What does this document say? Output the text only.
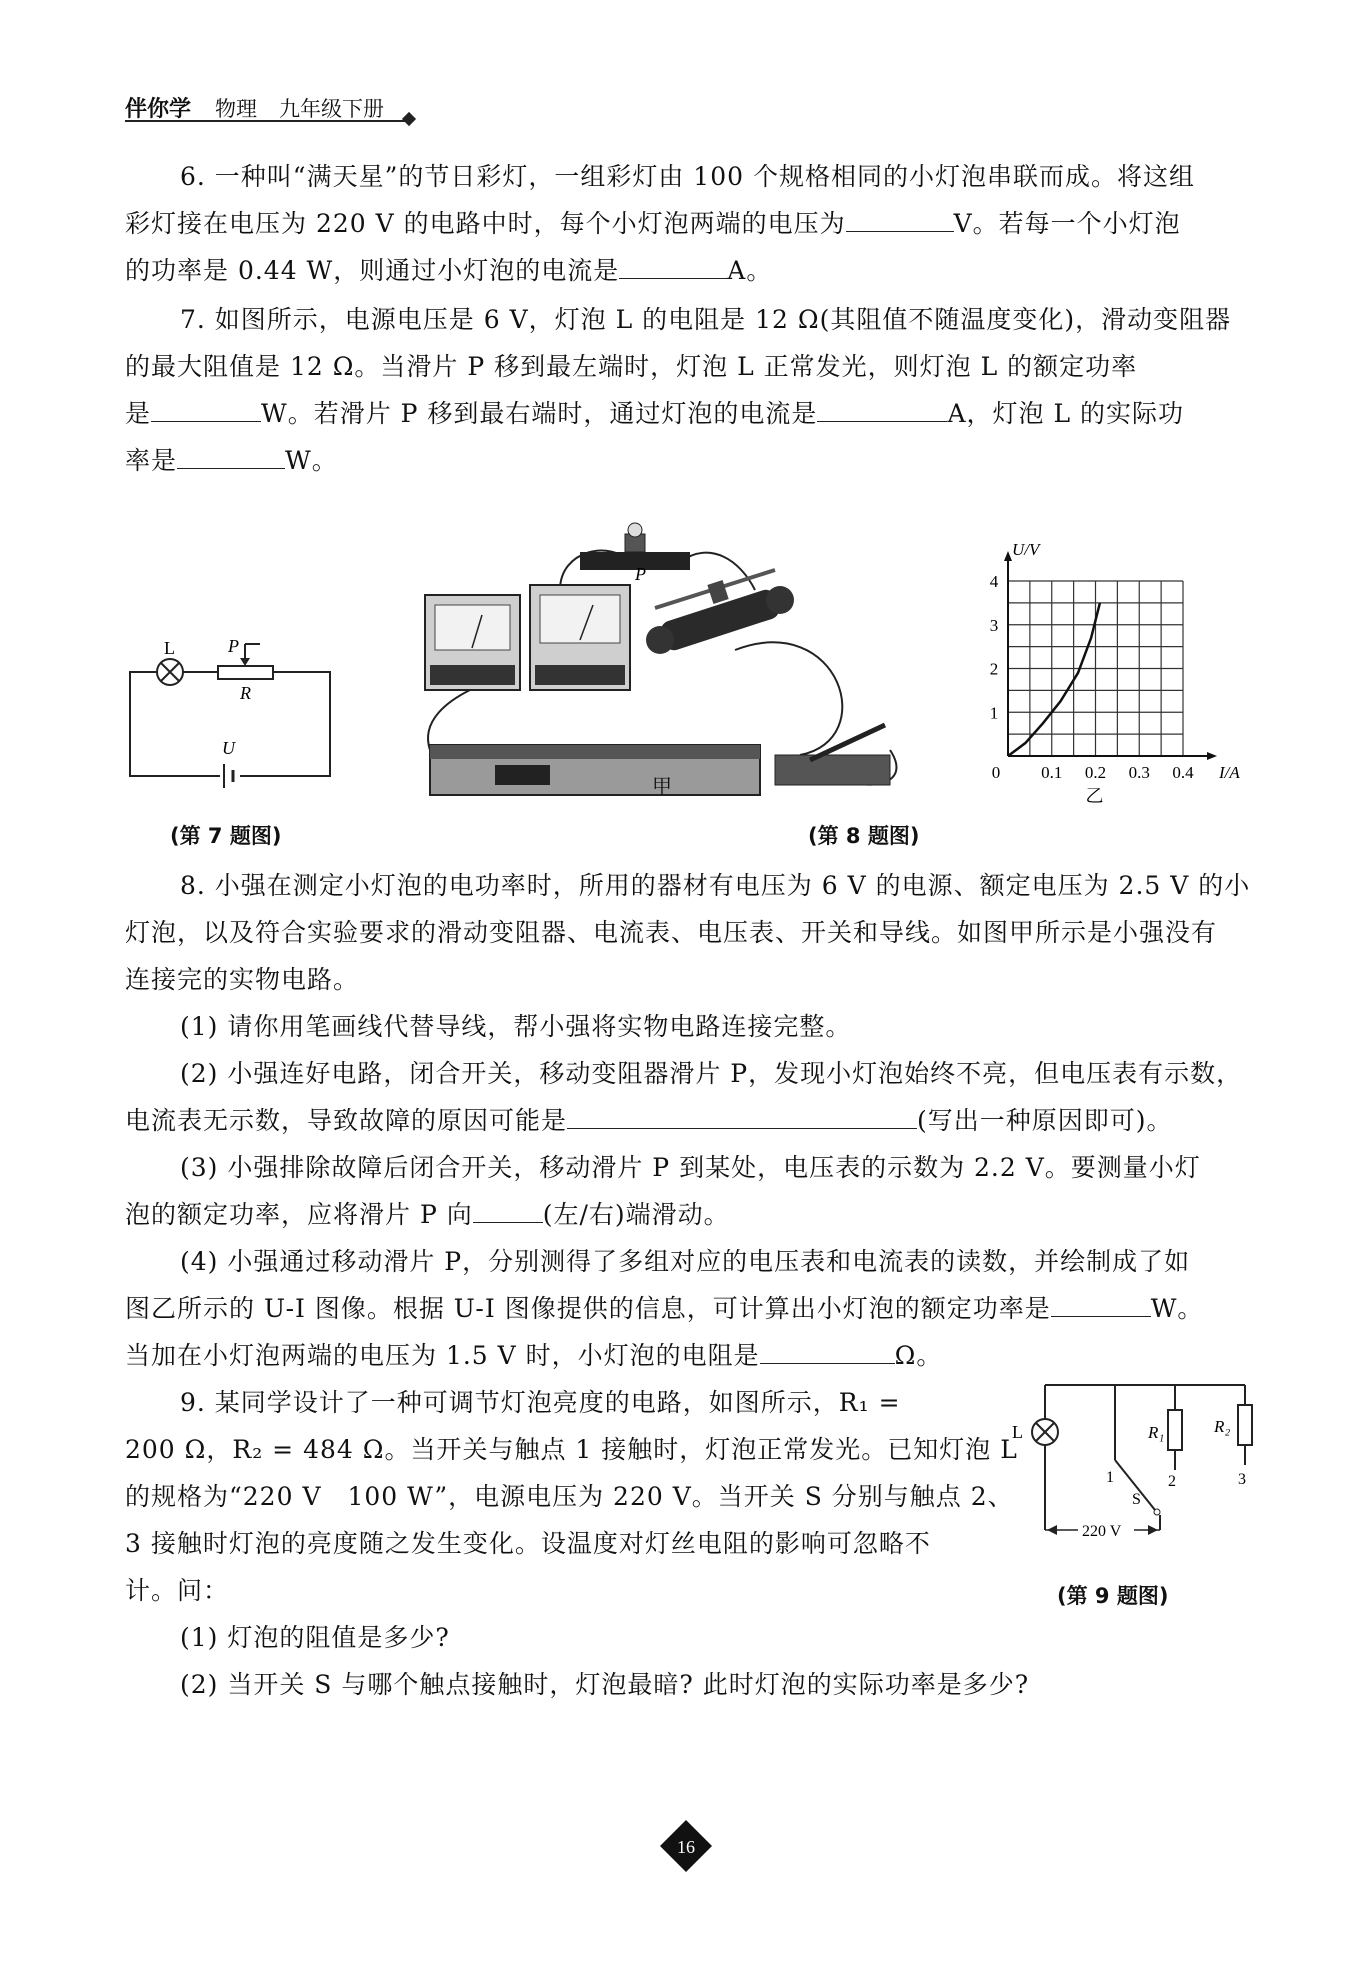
伴你学 物理 九年级下册
6. 一种叫“满天星”的节日彩灯，一组彩灯由 100 个规格相同的小灯泡串联而成。将这组
彩灯接在电压为 220 V 的电路中时，每个小灯泡两端的电压为	V。若每一个小灯泡
的功率是 0.44 W，则通过小灯泡的电流是	A。
7. 如图所示，电源电压是 6 V，灯泡 L 的电阻是 12 Ω(其阻值不随温度变化)，滑动变阻器
的最大阻值是 12 Ω。当滑片 P 移到最左端时，灯泡 L 正常发光，则灯泡 L 的额定功率
是	W。若滑片 P 移到最右端时，通过灯泡的电流是	A，灯泡 L 的实际功
率是	W。
L	P
R
U
(第 7 题图)
P
甲
0 0.1 0.2 0.3 0.4
1
2
3
4
I/A
U/V
乙
(第 8 题图)
8. 小强在测定小灯泡的电功率时，所用的器材有电压为 6 V 的电源、额定电压为 2.5 V 的小
灯泡，以及符合实验要求的滑动变阻器、电流表、电压表、开关和导线。如图甲所示是小强没有
连接完的实物电路。
(1) 请你用笔画线代替导线，帮小强将实物电路连接完整。
(2) 小强连好电路，闭合开关，移动变阻器滑片 P，发现小灯泡始终不亮，但电压表有示数，
电流表无示数，导致故障的原因可能是	(写出一种原因即可)。
(3) 小强排除故障后闭合开关，移动滑片 P 到某处，电压表的示数为 2.2 V。要测量小灯
泡的额定功率，应将滑片 P 向	(左/右)端滑动。
(4) 小强通过移动滑片 P，分别测得了多组对应的电压表和电流表的读数，并绘制成了如
图乙所示的 U-I 图像。根据 U-I 图像提供的信息，可计算出小灯泡的额定功率是	W。
当加在小灯泡两端的电压为 1.5 V 时，小灯泡的电阻是	Ω。
9. 某同学设计了一种可调节灯泡亮度的电路，如图所示，R₁ =
200 Ω，R₂ = 484 Ω。当开关与触点 1 接触时，灯泡正常发光。已知灯泡 L
的规格为“220 V　100 W”，电源电压为 220 V。当开关 S 分别与触点 2、
3 接触时灯泡的亮度随之发生变化。设温度对灯丝电阻的影响可忽略不
计。问：
(1) 灯泡的阻值是多少?
(2) 当开关 S 与哪个触点接触时，灯泡最暗? 此时灯泡的实际功率是多少?
L	R₁	R₂
1	2	3
S
220 V
(第 9 题图)
16
